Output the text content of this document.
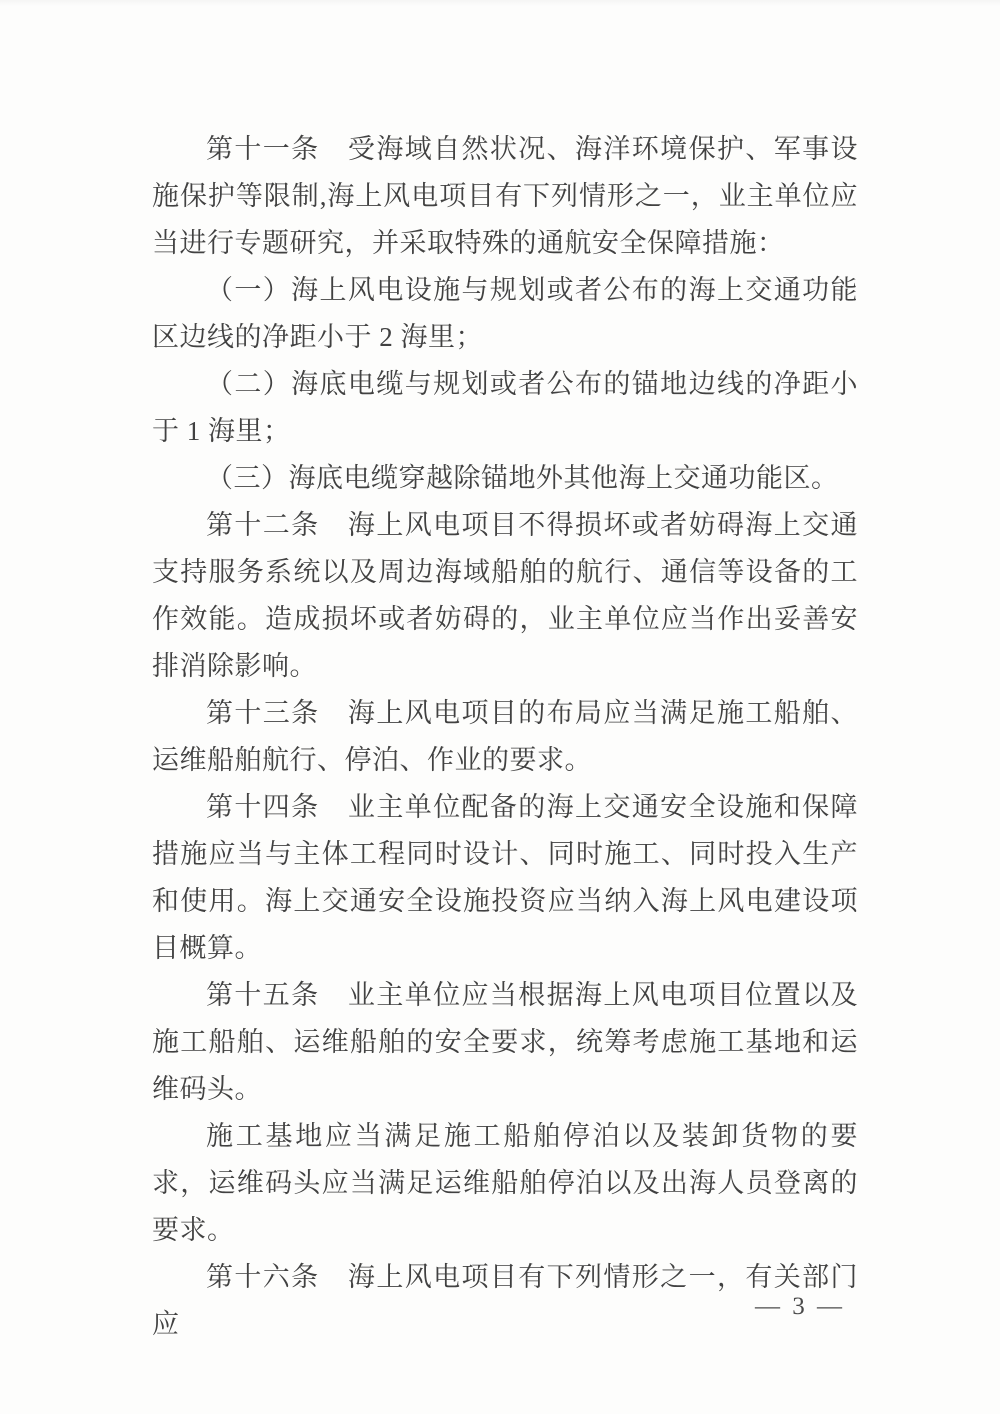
第十一条　受海域自然状况、海洋环境保护、军事设施保护等限制,海上风电项目有下列情形之一，业主单位应当进行专题研究，并采取特殊的通航安全保障措施：

（一）海上风电设施与规划或者公布的海上交通功能区边线的净距小于 2 海里；

（二）海底电缆与规划或者公布的锚地边线的净距小于 1 海里；

（三）海底电缆穿越除锚地外其他海上交通功能区。

第十二条　海上风电项目不得损坏或者妨碍海上交通支持服务系统以及周边海域船舶的航行、通信等设备的工作效能。造成损坏或者妨碍的，业主单位应当作出妥善安排消除影响。

第十三条　海上风电项目的布局应当满足施工船舶、运维船舶航行、停泊、作业的要求。

第十四条　业主单位配备的海上交通安全设施和保障措施应当与主体工程同时设计、同时施工、同时投入生产和使用。海上交通安全设施投资应当纳入海上风电建设项目概算。

第十五条　业主单位应当根据海上风电项目位置以及施工船舶、运维船舶的安全要求，统筹考虑施工基地和运维码头。

施工基地应当满足施工船舶停泊以及装卸货物的要求，运维码头应当满足运维船舶停泊以及出海人员登离的要求。

第十六条　海上风电项目有下列情形之一，有关部门应

— 3 —
